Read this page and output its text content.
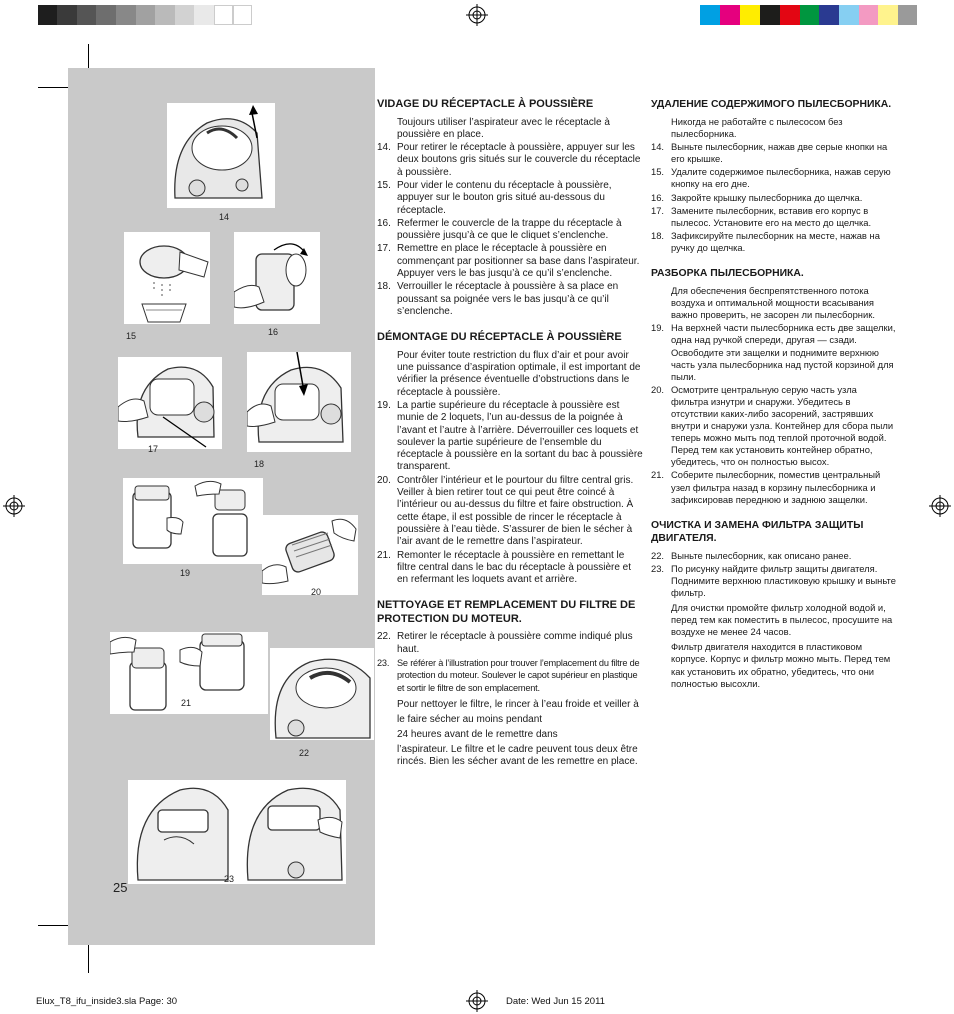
14
15	16
17
18
19
20
21
22
23
25
VIDAGE DU RÉCEPTACLE À POUSSIÈRE
Toujours utiliser l’aspirateur avec le réceptacle à poussière en place.
14. Pour retirer le réceptacle à poussière, appuyer sur les deux boutons gris situés sur le couvercle du réceptacle à poussière.
15. Pour vider le contenu du réceptacle à poussière, appuyer sur le bouton gris situé au-dessous du réceptacle.
16. Refermer le couvercle de la trappe du réceptacle à poussière jusqu’à ce que le cliquet s’enclenche.
17. Remettre en place le réceptacle à poussière en commençant par positionner sa base dans l’aspirateur. Appuyer vers le bas jusqu’à ce qu’il s’enclenche.
18. Verrouiller le réceptacle à poussière à sa place en poussant sa poignée vers le bas jusqu’à ce qu’il s’enclenche.
DÉMONTAGE DU RÉCEPTACLE À POUSSIÈRE
Pour éviter toute restriction du flux d’air et pour avoir une puissance d’aspiration optimale, il est important de vérifier la présence éventuelle d’obstructions dans le réceptacle à poussière.
19. La partie supérieure du réceptacle à poussière est munie de 2 loquets, l’un au-dessus de la poignée à l’avant et l’autre à l’arrière. Déverrouiller ces loquets et soulever la partie supérieure de l’ensemble du réceptacle à poussière en la sortant du bac à poussière transparent.
20. Contrôler l’intérieur et le pourtour du filtre central gris. Veiller à bien retirer tout ce qui peut être coincé à l’intérieur ou au-dessus du filtre et faire obstruction. À cette étape, il est possible de rincer le réceptacle à poussière à l’eau tiède. S’assurer de bien le sécher à l’air avant de le remettre dans l’aspirateur.
21. Remonter le réceptacle à poussière en remettant le filtre central dans le bac du réceptacle à poussière et en refermant les loquets avant et arrière.
NETTOYAGE ET REMPLACEMENT DU FILTRE DE PROTECTION DU MOTEUR.
22. Retirer le réceptacle à poussière comme indiqué plus haut.
23. Se référer à l’illustration pour trouver l’emplacement du filtre de protection du moteur. Soulever le capot supérieur en plastique et sortir le filtre de son emplacement.
Pour nettoyer le filtre, le rincer à l’eau froide et veiller à le faire sécher au moins pendant
24 heures avant de le remettre dans
l’aspirateur. Le filtre et le cadre peuvent tous deux être rincés. Bien les sécher avant de les remettre en place.
УДАЛЕНИЕ СОДЕРЖИМОГО ПЫЛЕСБОРНИКА.
Никогда не работайте с пылесосом без пылесборника.
14. Выньте пылесборник, нажав две серые кнопки на его крышке.
15. Удалите содержимое пылесборника, нажав серую кнопку на его дне.
16. Закройте крышку пылесборника до щелчка.
17. Замените пылесборник, вставив его корпус в пылесос. Установите его на место до щелчка.
18. Зафиксируйте пылесборник на месте, нажав на ручку до щелчка.
РАЗБОРКА ПЫЛЕСБОРНИКА.
Для обеспечения беспрепятственного потока воздуха и оптимальной мощности всасывания важно проверить, не засорен ли пылесборник.
19. На верхней части пылесборника есть две защелки, одна над ручкой спереди, другая — сзади. Освободите эти защелки и поднимите верхнюю часть узла пылесборника над пустой корзиной для пыли.
20. Осмотрите центральную серую часть узла фильтра изнутри и снаружи. Убедитесь в отсутствии каких-либо засорений, застрявших внутри и снаружи узла. Контейнер для сбора пыли теперь можно мыть под теплой проточной водой. Перед тем как установить контейнер обратно, убедитесь, что он полностью высох.
21. Соберите пылесборник, поместив центральный узел фильтра назад в корзину пылесборника и зафиксировав переднюю и заднюю защелки.
ОЧИСТКА И ЗАМЕНА ФИЛЬТРА ЗАЩИТЫ ДВИГАТЕЛЯ.
22. Выньте пылесборник, как описано ранее.
23. По рисунку найдите фильтр защиты двигателя. Поднимите верхнюю пластиковую крышку и выньте фильтр.
Для очистки промойте фильтр холодной водой и, перед тем как поместить в пылесос, просушите на воздухе не менее 24 часов.
Фильтр двигателя находится в пластиковом корпусе. Корпус и фильтр можно мыть. Перед тем как установить их обратно, убедитесь, что они полностью высохли.
Elux_T8_ifu_inside3.sla Page: 30	Date: Wed Jun 15 2011
